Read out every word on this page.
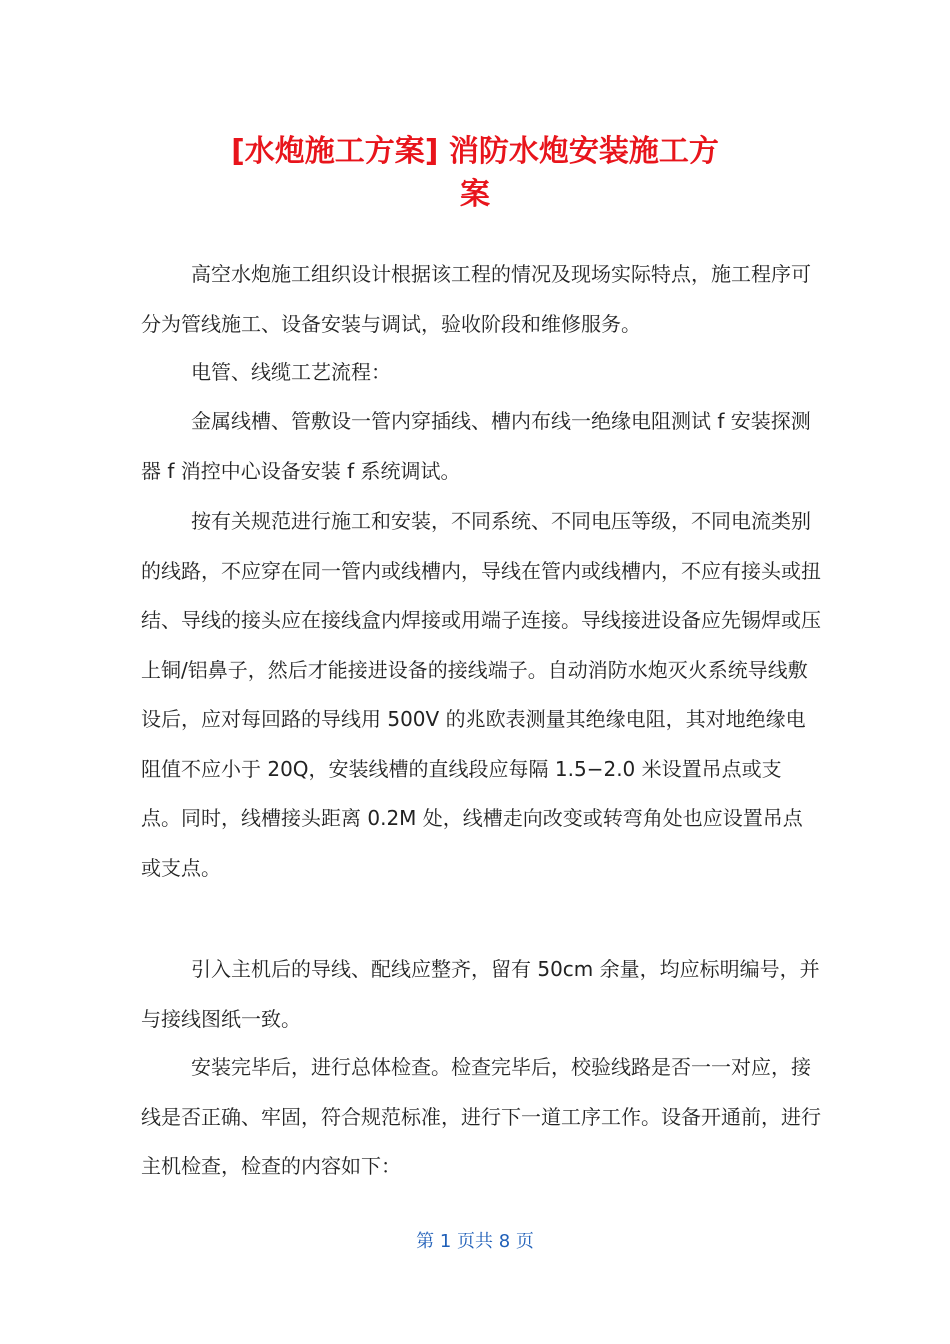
[水炮施工方案] 消防水炮安装施工方
案

高空水炮施工组织设计根据该工程的情况及现场实际特点，施工程序可分为管线施工、设备安装与调试，验收阶段和维修服务。

电管、线缆工艺流程：

金属线槽、管敷设一管内穿插线、槽内布线一绝缘电阻测试 f 安装探测器 f 消控中心设备安装 f 系统调试。

按有关规范进行施工和安装，不同系统、不同电压等级，不同电流类别的线路，不应穿在同一管内或线槽内，导线在管内或线槽内，不应有接头或扭结、导线的接头应在接线盒内焊接或用端子连接。导线接进设备应先锡焊或压上铜/铝鼻子，然后才能接进设备的接线端子。自动消防水炮灭火系统导线敷设后，应对每回路的导线用 500V 的兆欧表测量其绝缘电阻，其对地绝缘电阻值不应小于 20Q，安装线槽的直线段应每隔 1.5−2.0 米设置吊点或支点。同时，线槽接头距离 0.2M 处，线槽走向改变或转弯角处也应设置吊点或支点。

引入主机后的导线、配线应整齐，留有 50cm 余量，均应标明编号，并与接线图纸一致。

安装完毕后，进行总体检查。检查完毕后，校验线路是否一一对应，接线是否正确、牢固，符合规范标准，进行下一道工序工作。设备开通前，进行主机检查，检查的内容如下：

第 1 页共 8 页
